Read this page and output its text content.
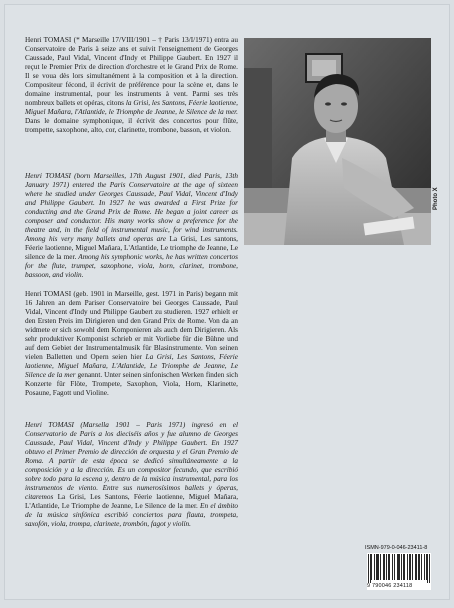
Henri TOMASI (* Marseille 17/VIII/1901 – † Paris 13/I/1971) entra au Conservatoire de Paris à seize ans et suivit l'enseignement de Georges Caussade, Paul Vidal, Vincent d'Indy et Philippe Gaubert. En 1927 il reçut le Premier Prix de direction d'orchestre et le Grand Prix de Rome. Il se voua dès lors simultanément à la composition et à la direction. Compositeur fécond, il écrivit de préférence pour la scène et, dans le domaine instrumental, pour les instruments à vent. Parmi ses très nombreux ballets et opéras, citons la Grisi, les Santons, Féerie laotienne, Miguel Mañara, l'Atlantide, le Triomphe de Jeanne, le Silence de la mer. Dans le domaine symphonique, il écrivit des concertos pour flûte, trompette, saxophone, alto, cor, clarinette, trombone, basson, et violon.

Henri TOMASI (born Marseilles, 17th August 1901, died Paris, 13th January 1971) entered the Paris Conservatoire at the age of sixteen where he studied under Georges Caussade, Paul Vidal, Vincent d'Indy and Philippe Gaubert. In 1927 he was awarded a First Prize for conducting and the Grand Prix de Rome. He began a joint career as composer and conductor. His many works show a preference for the theatre and, in the field of instrumental music, for wind instruments. Among his very many ballets and operas are La Grisi, Les santons, Féerie laotienne, Miguel Mañara, L'Atlantide, Le triomphe de Jeanne, Le silence de la mer. Among his symphonic works, he has written concertos for the flute, trumpet, saxophone, viola, horn, clarinet, trombone, bassoon, and violin.

Henri TOMASI (geb. 1901 in Marseille, gest. 1971 in Paris) begann mit 16 Jahren an dem Pariser Conservatoire bei Georges Caussade, Paul Vidal, Vincent d'Indy und Philippe Gaubert zu studieren. 1927 erhielt er den Ersten Preis im Dirigieren und den Grand Prix de Rome. Von da an widmete er sich sowohl dem Komponieren als auch dem Dirigieren. Als sehr produktiver Komponist schrieb er mit Vorliebe für die Bühne und auf dem Gebiet der Instrumentalmusik für Blasinstrumente. Von seinen vielen Balletten und Opern seien hier La Grisi, Les Santons, Féerie laotienne, Miguel Mañara, L'Atlantide, Le Triomphe de Jeanne, Le Silence de la mer genannt. Unter seinen sinfonischen Werken finden sich Konzerte für Flöte, Trompete, Saxophon, Viola, Horn, Klarinette, Posaune, Fagott und Violine.

Henri TOMASI (Marsella 1901 – Paris 1971) ingresó en el Conservatorio de Paris a los dieciséis años y fue alumno de Georges Caussade, Paul Vidal, Vincent d'Indy y Philippe Gaubert. En 1927 obtuvo el Primer Premio de dirección de orquesta y el Gran Premio de Roma. A partir de esta época se dedicó simultáneamente a la composición y a la dirección. Es un compositor fecundo, que escribió sobre todo para la escena y, dentro de la música instrumental, para los instrumentos de viento. Entre sus numerosísimos ballets y óperas, citaremos La Grisi, Les Santons, Féerie laotienne, Miguel Mañara, L'Atlantide, Le Triomphe de Jeanne, Le Silence de la mer. En el ámbito de la música sinfónica escribió conciertos para flauta, trompeta, saxofón, viola, trompa, clarinete, trombón, fagot y violín.

Photo X
ISMN-979-0-046-23411-8
9 790046 234118
